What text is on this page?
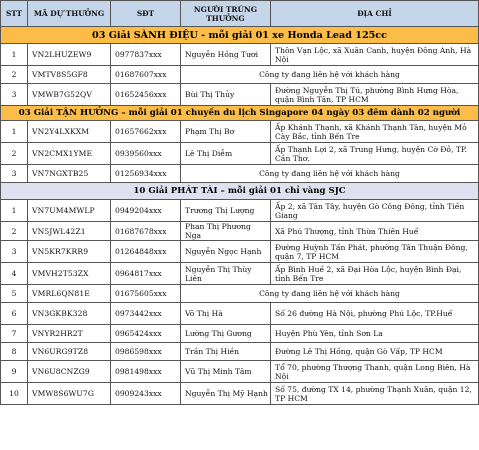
STT	MÃ DỰ THƯỞNG	SĐT	NGƯỜI TRÚNG THƯỞNG	ĐỊA CHỈ
03 Giải SÀNH ĐIỆU - mỗi giải 01 xe Honda Lead 125cc				
1	VN2LHUZEW9	0977837xxx	Nguyễn Hồng Tươi	Thôn Vạn Lộc, xã Xuân Canh, huyện Đông Anh, Hà Nội
2	VMTV8S5GF8	01687607xxx	Công ty đang liên hệ với khách hàng	
3	VMWB7G52QV	01652456xxx	Bùi Thị Thủy	Đường Nguyễn Thị Tú, phường Bình Hưng Hòa, quận Bình Tân, TP HCM
03 Giải TẬN HƯỞNG – mỗi giải 01 chuyến du lịch Singapore 04 ngày 03 đêm dành 02 người				
1	VN2Y4LXKXM	01657662xxx	Phạm Thị Bơ	Ấp Khánh Thạnh, xã Khánh Thạnh Tân, huyện Mỏ Cày Bắc, tỉnh Bến Tre
2	VN2CMX1YME	0939560xxx	Lê Thị Diễm	Ấp Thạnh Lợi 2, xã Trung Hưng, huyện Cờ Đỏ, TP. Cần Thơ.
3	VN7NGXTB25	01256934xxx	Công ty đang liên hệ với khách hàng	
10 Giải PHÁT TÀI – mỗi giải 01 chỉ vàng SJC				
1	VN7UM4MWLP	0949204xxx	Trương Thị Lượng	Ấp 2, xã Tân Tây, huyện Gò Công Đông, tỉnh Tiền Giang
2	VN5JWL42Z1	01687678xxx	Phan Thị Phương Nga	Xã Phú Thượng, tỉnh Thừa Thiên Huế
3	VN5KR7KRR9	01264848xxx	Nguyễn Ngọc Hạnh	Đường Huỳnh Tấn Phát, phường Tân Thuận Đông, quận 7, TP HCM
4	VMVH2T53ZX	0964817xxx	Nguyễn Thị Thùy Liên	Ấp Bình Huề 2, xã Đại Hòa Lộc, huyện Bình Đại, tỉnh Bến Tre
5	VMRL6QN81E	01675605xxx	Công ty đang liên hệ với khách hàng	
6	VN3GKBK328	0973442xxx	Võ Thị Hà	Số 26 đường Hà Nội, phường Phú Lộc, TP.Huế
7	VNYR2HR2T	0965424xxx	Lường Thị Gương	Huyện Phù Yên, tỉnh Sơn La
8	VN6URG9TZ8	0986598xxx	Trần Thị Hiền	Đường Lê Thị Hồng, quận Gò Vấp, TP HCM
9	VN6U8CNZG9	0981498xxx	Vũ Thị Minh Tâm	Tổ 70, phường Thượng Thanh, quận Long Biên, Hà Nội
10	VMW8S6WU7G	0909243xxx	Nguyễn Thị Mỹ Hạnh	Số 75, đường TX 14, phường Thạnh Xuân, quận 12, TP HCM
